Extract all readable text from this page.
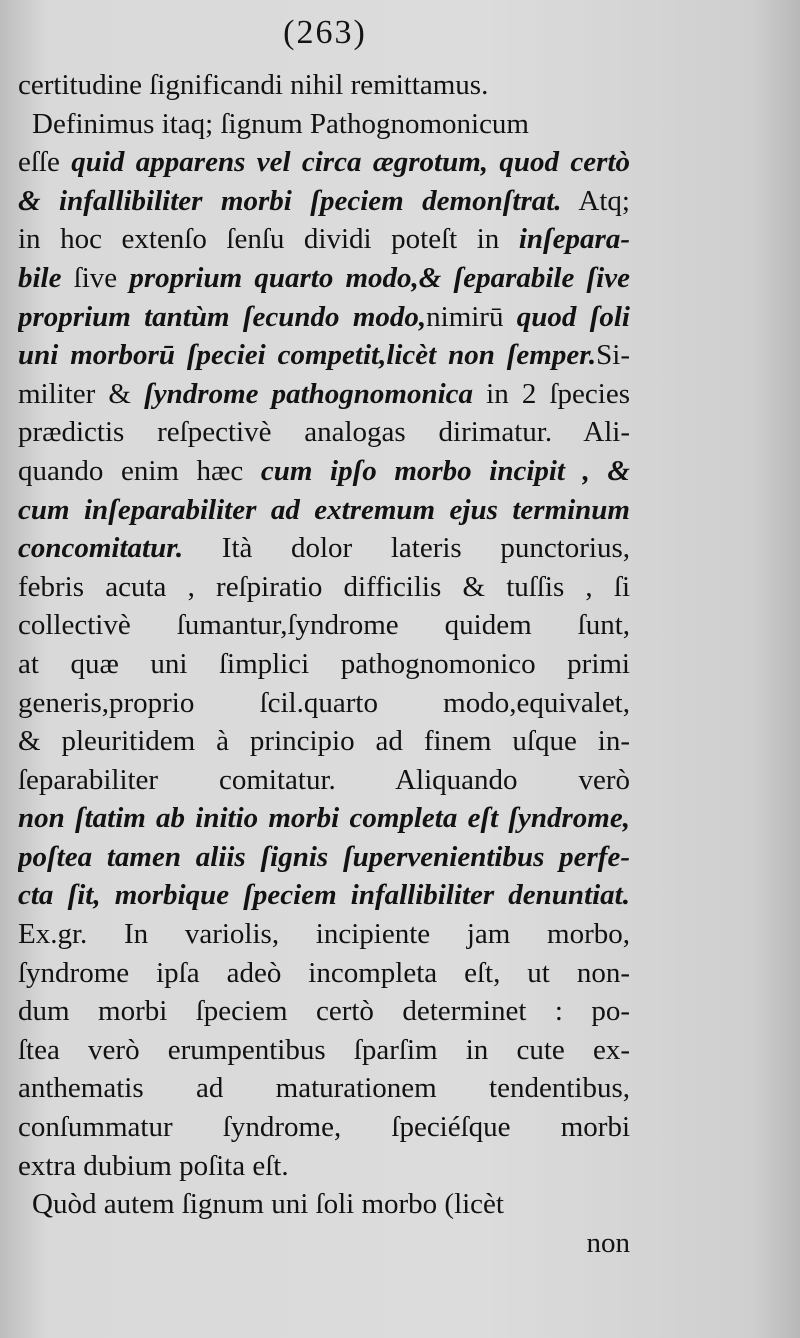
(263)
certitudine ſignificandi nihil remittamus.
Definimus itaq; ſignum Pathognomonicum
eſſe quid apparens vel circa ægrotum, quod certò
& infallibiliter morbi ſpeciem demonſtrat. Atq;
in hoc extenſo ſenſu dividi poteſt in inſepara-
bile ſive proprium quarto modo,& ſeparabile ſive
proprium tantùm ſecundo modo,nimirū quod ſoli
uni morborū ſpeciei competit,licèt non ſemper.Si-
militer & ſyndrome pathognomonica in 2 ſpecies
prædictis reſpectivè analogas dirimatur. Ali-
quando enim hæc cum ipſo morbo incipit , &
cum inſeparabiliter ad extremum ejus terminum
concomitatur. Ità dolor lateris punctorius,
febris acuta , reſpiratio difficilis & tuſſis , ſi
collectivè ſumantur,ſyndrome quidem ſunt,
at quæ uni ſimplici pathognomonico primi
generis,proprio ſcil.quarto modo,equivalet,
& pleuritidem à principio ad finem uſque in-
ſeparabiliter comitatur. Aliquando verò
non ſtatim ab initio morbi completa eſt ſyndrome,
poſtea tamen aliis ſignis ſupervenientibus perfe-
cta ſit, morbique ſpeciem infallibiliter denuntiat.
Ex.gr. In variolis, incipiente jam morbo,
ſyndrome ipſa adeò incompleta eſt, ut non-
dum morbi ſpeciem certò determinet : po-
ſtea verò erumpentibus ſparſim in cute ex-
anthematis ad maturationem tendentibus,
conſummatur ſyndrome, ſpeciéſque morbi
extra dubium poſita eſt.
Quòd autem ſignum uni ſoli morbo (licèt
non
